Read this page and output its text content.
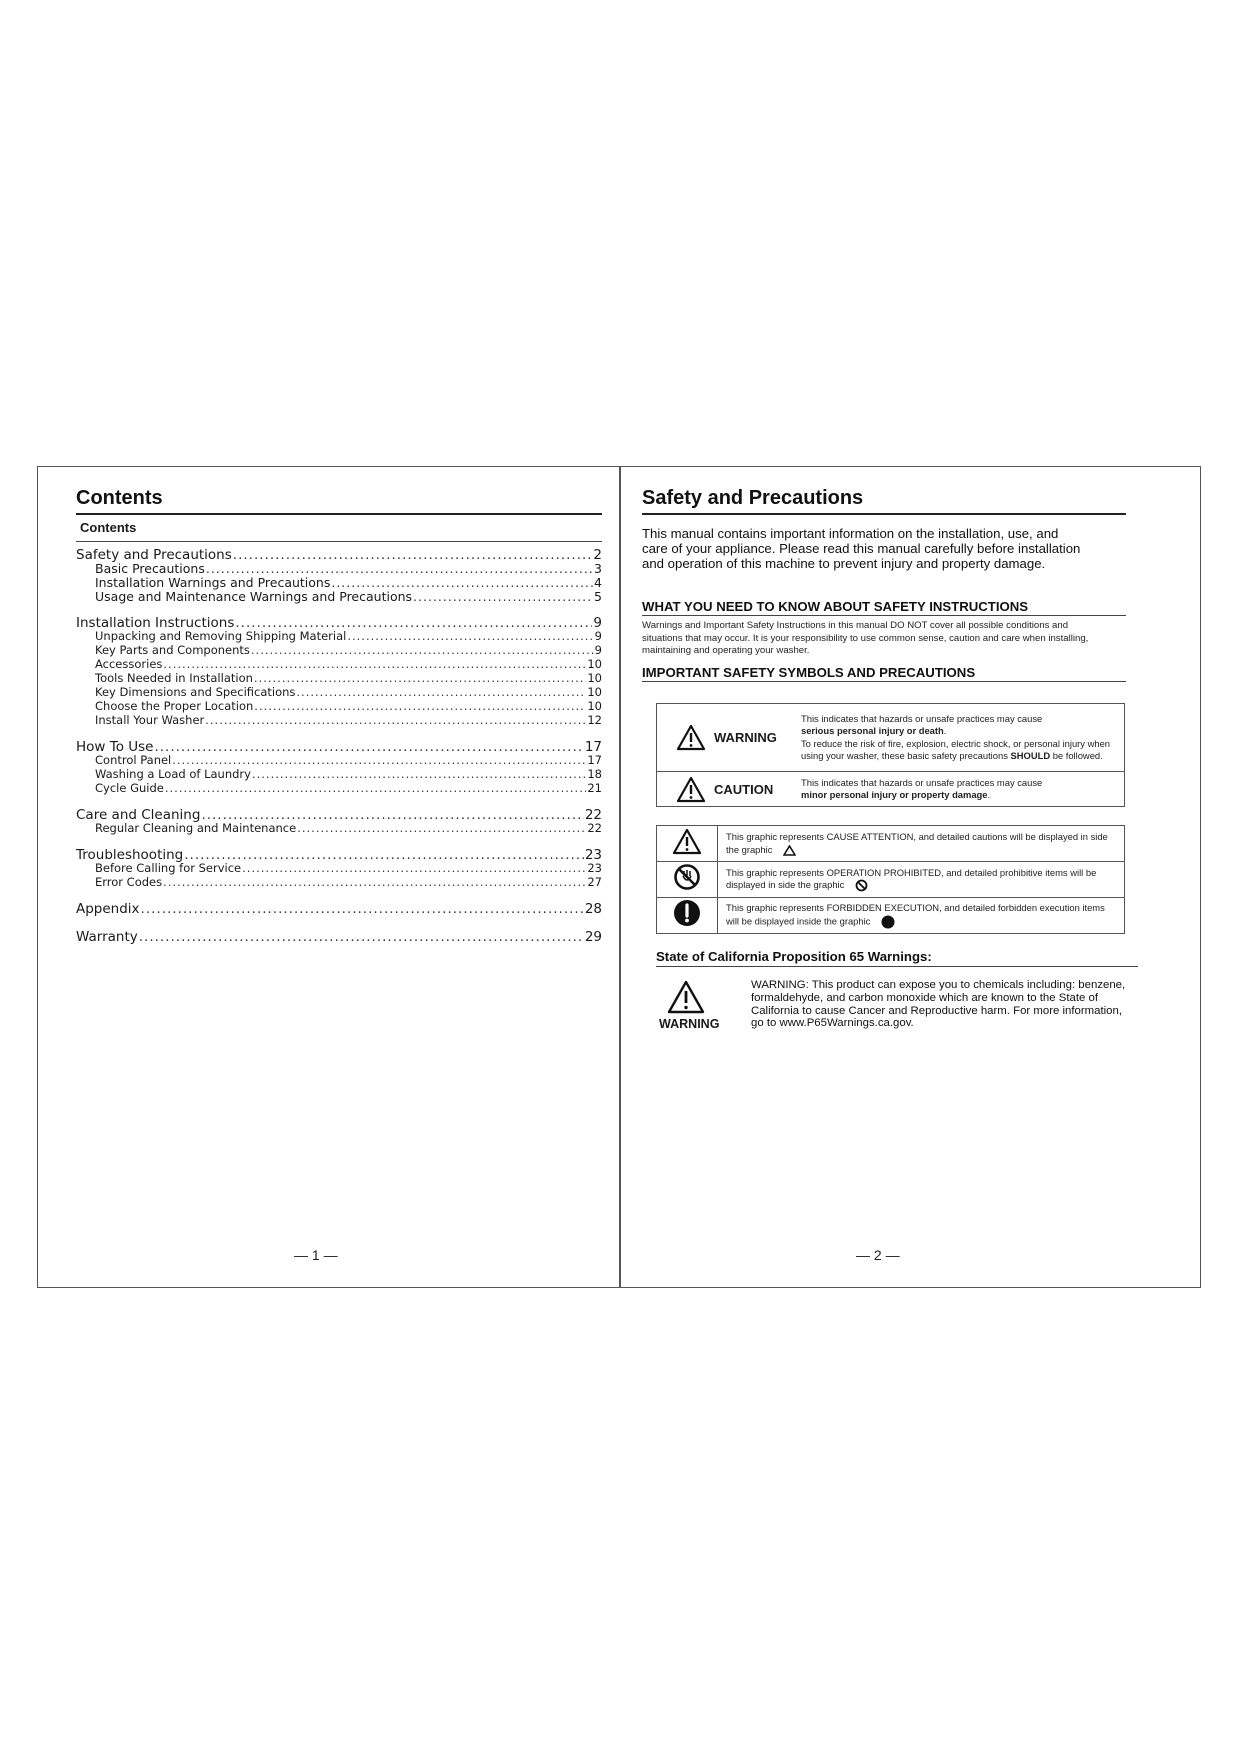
Contents
Contents
Safety and Precautions .....	2
Basic Precautions .....	3
Installation Warnings and Precautions .....	4
Usage and Maintenance Warnings and Precautions .....	5
Installation Instructions .....	9
Unpacking and Removing Shipping Material .....	9
Key Parts and Components .....	9
Accessories .....	10
Tools Needed in Installation .....	10
Key Dimensions and Specifications .....	10
Choose the Proper Location .....	10
Install Your Washer .....	12
How To Use .....	17
Control Panel .....	17
Washing a Load of Laundry .....	18
Cycle Guide .....	21
Care and Cleaning .....	22
Regular Cleaning and Maintenance .....	22
Troubleshooting .....	23
Before Calling for Service .....	23
Error Codes .....	27
Appendix .....	28
Warranty .....	29
— 1 —
Safety and Precautions
This manual contains important information on the installation, use, and care of your appliance. Please read this manual carefully before installation and operation of this machine to prevent injury and property damage.
WHAT YOU NEED TO KNOW ABOUT SAFETY INSTRUCTIONS
Warnings and Important Safety Instructions in this manual DO NOT cover all possible conditions and situations that may occur. It is your responsibility to use common sense, caution and care when installing, maintaining and operating your washer.
IMPORTANT SAFETY SYMBOLS AND PRECAUTIONS
WARNING	This indicates that hazards or unsafe practices may cause
serious personal injury or death.
To reduce the risk of fire, explosion, electric shock, or personal injury when using your washer, these basic safety precautions SHOULD be followed.

CAUTION	This indicates that hazards or unsafe practices may cause
minor personal injury or property damage.
	This graphic represents CAUSE ATTENTION, and detailed cautions will be displayed in side the graphic
	This graphic represents OPERATION PROHIBITED, and detailed prohibitive items will be displayed in side the graphic
	This graphic represents FORBIDDEN EXECUTION, and detailed forbidden execution items will be displayed inside the graphic
State of California Proposition 65 Warnings:
WARNING
WARNING: This product can expose you to chemicals including: benzene, formaldehyde, and carbon monoxide which are known to the State of California to cause Cancer and Reproductive harm. For more information, go to www.P65Warnings.ca.gov.
— 2 —
